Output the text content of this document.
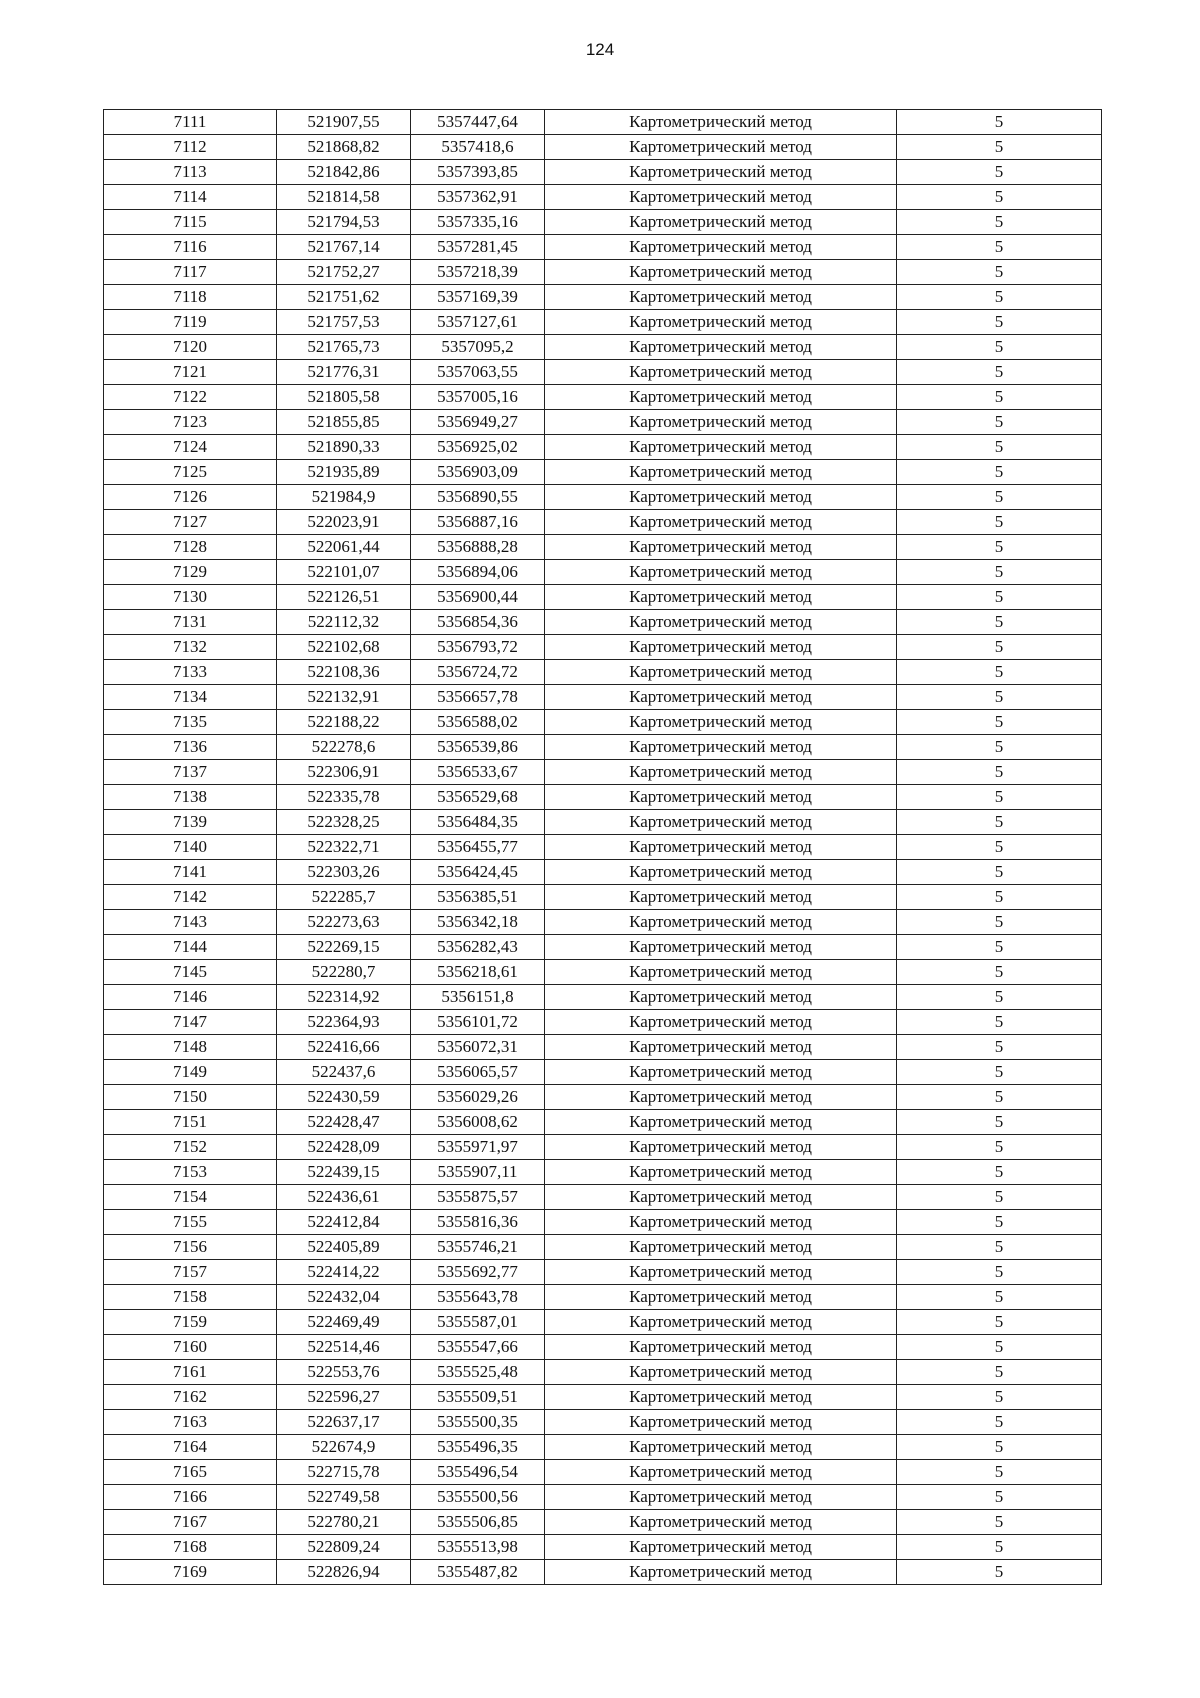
124
7111	521907,55	5357447,64	Картометрический метод	5
7112	521868,82	5357418,6	Картометрический метод	5
7113	521842,86	5357393,85	Картометрический метод	5
7114	521814,58	5357362,91	Картометрический метод	5
7115	521794,53	5357335,16	Картометрический метод	5
7116	521767,14	5357281,45	Картометрический метод	5
7117	521752,27	5357218,39	Картометрический метод	5
7118	521751,62	5357169,39	Картометрический метод	5
7119	521757,53	5357127,61	Картометрический метод	5
7120	521765,73	5357095,2	Картометрический метод	5
7121	521776,31	5357063,55	Картометрический метод	5
7122	521805,58	5357005,16	Картометрический метод	5
7123	521855,85	5356949,27	Картометрический метод	5
7124	521890,33	5356925,02	Картометрический метод	5
7125	521935,89	5356903,09	Картометрический метод	5
7126	521984,9	5356890,55	Картометрический метод	5
7127	522023,91	5356887,16	Картометрический метод	5
7128	522061,44	5356888,28	Картометрический метод	5
7129	522101,07	5356894,06	Картометрический метод	5
7130	522126,51	5356900,44	Картометрический метод	5
7131	522112,32	5356854,36	Картометрический метод	5
7132	522102,68	5356793,72	Картометрический метод	5
7133	522108,36	5356724,72	Картометрический метод	5
7134	522132,91	5356657,78	Картометрический метод	5
7135	522188,22	5356588,02	Картометрический метод	5
7136	522278,6	5356539,86	Картометрический метод	5
7137	522306,91	5356533,67	Картометрический метод	5
7138	522335,78	5356529,68	Картометрический метод	5
7139	522328,25	5356484,35	Картометрический метод	5
7140	522322,71	5356455,77	Картометрический метод	5
7141	522303,26	5356424,45	Картометрический метод	5
7142	522285,7	5356385,51	Картометрический метод	5
7143	522273,63	5356342,18	Картометрический метод	5
7144	522269,15	5356282,43	Картометрический метод	5
7145	522280,7	5356218,61	Картометрический метод	5
7146	522314,92	5356151,8	Картометрический метод	5
7147	522364,93	5356101,72	Картометрический метод	5
7148	522416,66	5356072,31	Картометрический метод	5
7149	522437,6	5356065,57	Картометрический метод	5
7150	522430,59	5356029,26	Картометрический метод	5
7151	522428,47	5356008,62	Картометрический метод	5
7152	522428,09	5355971,97	Картометрический метод	5
7153	522439,15	5355907,11	Картометрический метод	5
7154	522436,61	5355875,57	Картометрический метод	5
7155	522412,84	5355816,36	Картометрический метод	5
7156	522405,89	5355746,21	Картометрический метод	5
7157	522414,22	5355692,77	Картометрический метод	5
7158	522432,04	5355643,78	Картометрический метод	5
7159	522469,49	5355587,01	Картометрический метод	5
7160	522514,46	5355547,66	Картометрический метод	5
7161	522553,76	5355525,48	Картометрический метод	5
7162	522596,27	5355509,51	Картометрический метод	5
7163	522637,17	5355500,35	Картометрический метод	5
7164	522674,9	5355496,35	Картометрический метод	5
7165	522715,78	5355496,54	Картометрический метод	5
7166	522749,58	5355500,56	Картометрический метод	5
7167	522780,21	5355506,85	Картометрический метод	5
7168	522809,24	5355513,98	Картометрический метод	5
7169	522826,94	5355487,82	Картометрический метод	5
